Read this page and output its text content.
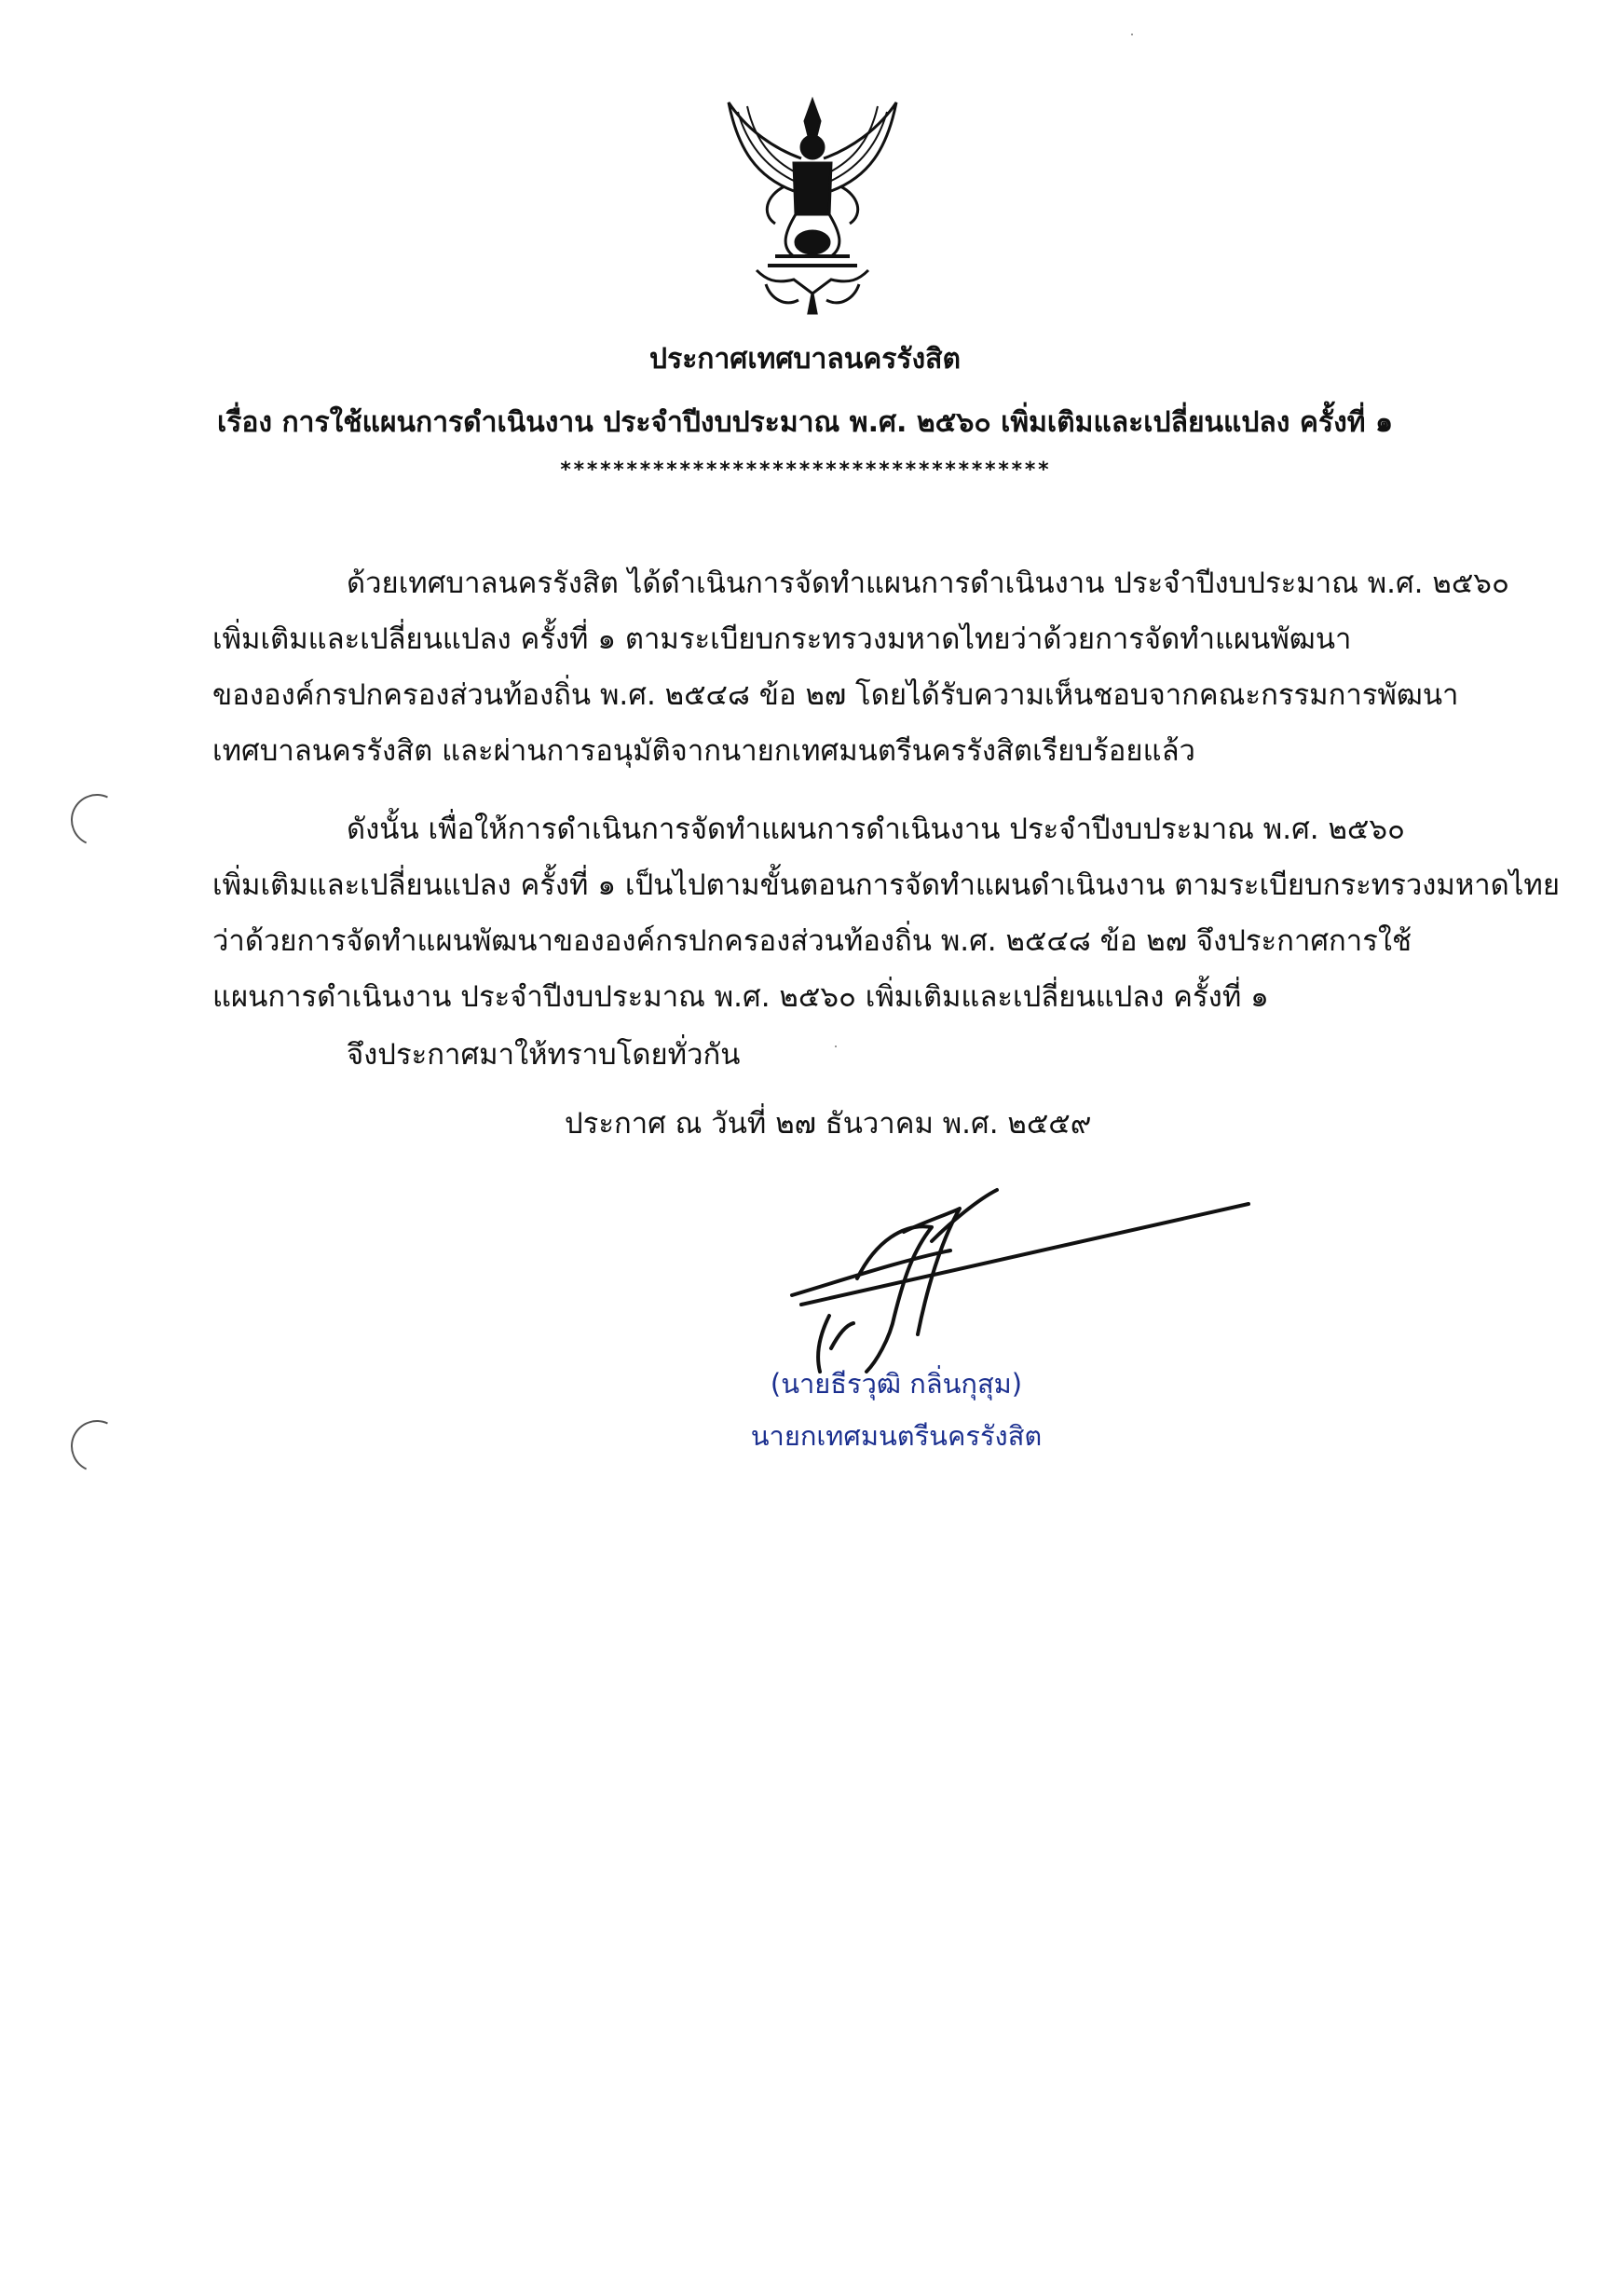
ประกาศเทศบาลนครรังสิต
เรื่อง การใช้แผนการดำเนินงาน ประจำปีงบประมาณ พ.ศ. ๒๕๖๐ เพิ่มเติมและเปลี่ยนแปลง ครั้งที่ ๑
*************************************
ด้วยเทศบาลนครรังสิต ได้ดำเนินการจัดทำแผนการดำเนินงาน ประจำปีงบประมาณ พ.ศ. ๒๕๖๐
เพิ่มเติมและเปลี่ยนแปลง ครั้งที่ ๑ ตามระเบียบกระทรวงมหาดไทยว่าด้วยการจัดทำแผนพัฒนา
ขององค์กรปกครองส่วนท้องถิ่น พ.ศ. ๒๕๔๘ ข้อ ๒๗ โดยได้รับความเห็นชอบจากคณะกรรมการพัฒนา
เทศบาลนครรังสิต และผ่านการอนุมัติจากนายกเทศมนตรีนครรังสิตเรียบร้อยแล้ว
ดังนั้น เพื่อให้การดำเนินการจัดทำแผนการดำเนินงาน ประจำปีงบประมาณ พ.ศ. ๒๕๖๐
เพิ่มเติมและเปลี่ยนแปลง ครั้งที่ ๑ เป็นไปตามขั้นตอนการจัดทำแผนดำเนินงาน ตามระเบียบกระทรวงมหาดไทย
ว่าด้วยการจัดทำแผนพัฒนาขององค์กรปกครองส่วนท้องถิ่น พ.ศ. ๒๕๔๘ ข้อ ๒๗ จึงประกาศการใช้
แผนการดำเนินงาน ประจำปีงบประมาณ พ.ศ. ๒๕๖๐ เพิ่มเติมและเปลี่ยนแปลง ครั้งที่ ๑
จึงประกาศมาให้ทราบโดยทั่วกัน
ประกาศ ณ วันที่ ๒๗ ธันวาคม พ.ศ. ๒๕๕๙
(นายธีรวุฒิ กลิ่นกุสุม)
นายกเทศมนตรีนครรังสิต
